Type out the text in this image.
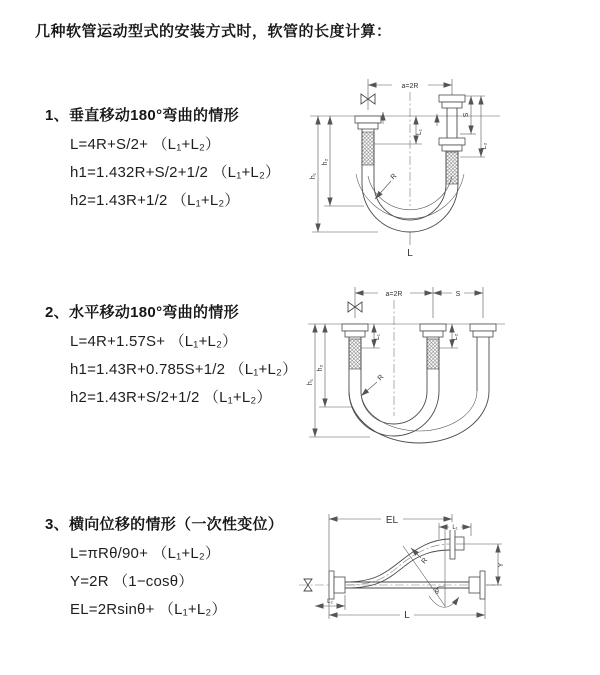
几种软管运动型式的安装方式时，软管的长度计算：
1、垂直移动180°弯曲的情形
L=4R+S/2+ （L₁+L₂）
h1=1.432R+S/2+1/2 （L₁+L₂）
h2=1.43R+1/2 （L₁+L₂）
2、水平移动180°弯曲的情形
L=4R+1.57S+ （L₁+L₂）
h1=1.43R+0.785S+1/2 （L₁+L₂）
h2=1.43R+S/2+1/2 （L₁+L₂）
3、横向位移的情形（一次性变位）
L=πRθ/90+ （L₁+L₂）
Y=2R （1−cosθ）
EL=2Rsinθ+ （L₁+L₂）
a=2R
L₁
S
L₂
h₂
h₁	R
L
a=2R	S
L₁	L₂
h₂
h₁	R
EL
L₁
Y
R
θ
L₂
L
